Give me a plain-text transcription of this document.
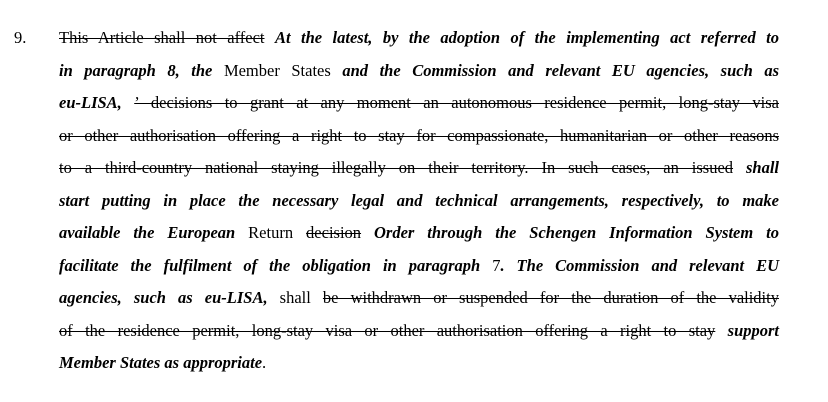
9. This Article shall not affect At the latest, by the adoption of the implementing act referred to
in paragraph 8, the Member States and the Commission and relevant EU agencies, such as
eu-LISA, ’ decisions to grant at any moment an autonomous residence permit, long-stay visa
or other authorisation offering a right to stay for compassionate, humanitarian or other reasons
to a third-country national staying illegally on their territory. In such cases, an issued shall
start putting in place the necessary legal and technical arrangements, respectively, to make
available the European Return decision Order through the Schengen Information System to
facilitate the fulfilment of the obligation in paragraph 7. The Commission and relevant EU
agencies, such as eu-LISA, shall be withdrawn or suspended for the duration of the validity
of the residence permit, long-stay visa or other authorisation offering a right to stay support
Member States as appropriate.
